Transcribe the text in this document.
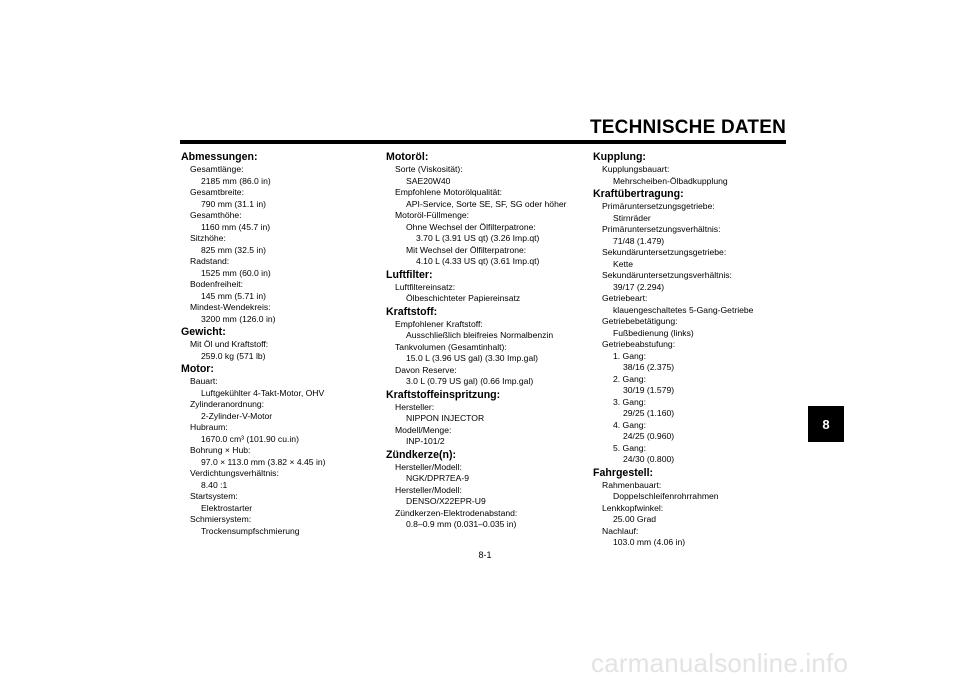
TECHNISCHE DATEN
Abmessungen:
Gesamtlänge:
2185 mm (86.0 in)
Gesamtbreite:
790 mm (31.1 in)
Gesamthöhe:
1160 mm (45.7 in)
Sitzhöhe:
825 mm (32.5 in)
Radstand:
1525 mm (60.0 in)
Bodenfreiheit:
145 mm (5.71 in)
Mindest-Wendekreis:
3200 mm (126.0 in)
Gewicht:
Mit Öl und Kraftstoff:
259.0 kg (571 lb)
Motor:
Bauart:
Luftgekühlter 4-Takt-Motor, OHV
Zylinderanordnung:
2-Zylinder-V-Motor
Hubraum:
1670.0 cm³ (101.90 cu.in)
Bohrung × Hub:
97.0 × 113.0 mm (3.82 × 4.45 in)
Verdichtungsverhältnis:
8.40 :1
Startsystem:
Elektrostarter
Schmiersystem:
Trockensumpfschmierung
Motoröl:
Sorte (Viskosität):
SAE20W40
Empfohlene Motorölqualität:
API-Service, Sorte SE, SF, SG oder höher
Motoröl-Füllmenge:
Ohne Wechsel der Ölfilterpatrone:
3.70 L (3.91 US qt) (3.26 Imp.qt)
Mit Wechsel der Ölfilterpatrone:
4.10 L (4.33 US qt) (3.61 Imp.qt)
Luftfilter:
Luftfiltereinsatz:
Ölbeschichteter Papiereinsatz
Kraftstoff:
Empfohlener Kraftstoff:
Ausschließlich bleifreies Normalbenzin
Tankvolumen (Gesamtinhalt):
15.0 L (3.96 US gal) (3.30 Imp.gal)
Davon Reserve:
3.0 L (0.79 US gal) (0.66 Imp.gal)
Kraftstoffeinspritzung:
Hersteller:
NIPPON INJECTOR
Modell/Menge:
INP-101/2
Zündkerze(n):
Hersteller/Modell:
NGK/DPR7EA-9
Hersteller/Modell:
DENSO/X22EPR-U9
Zündkerzen-Elektrodenabstand:
0.8–0.9 mm (0.031–0.035 in)
Kupplung:
Kupplungsbauart:
Mehrscheiben-Ölbadkupplung
Kraftübertragung:
Primäruntersetzungsgetriebe:
Stirnräder
Primäruntersetzungsverhältnis:
71/48 (1.479)
Sekundäruntersetzungsgetriebe:
Kette
Sekundäruntersetzungsverhältnis:
39/17 (2.294)
Getriebeart:
klauengeschaltetes 5-Gang-Getriebe
Getriebebetätigung:
Fußbedienung (links)
Getriebeabstufung:
1. Gang:
38/16 (2.375)
2. Gang:
30/19 (1.579)
3. Gang:
29/25 (1.160)
4. Gang:
24/25 (0.960)
5. Gang:
24/30 (0.800)
Fahrgestell:
Rahmenbauart:
Doppelschleifenrohrrahmen
Lenkkopfwinkel:
25.00 Grad
Nachlauf:
103.0 mm (4.06 in)
8
8-1
carmanualsonline.info
